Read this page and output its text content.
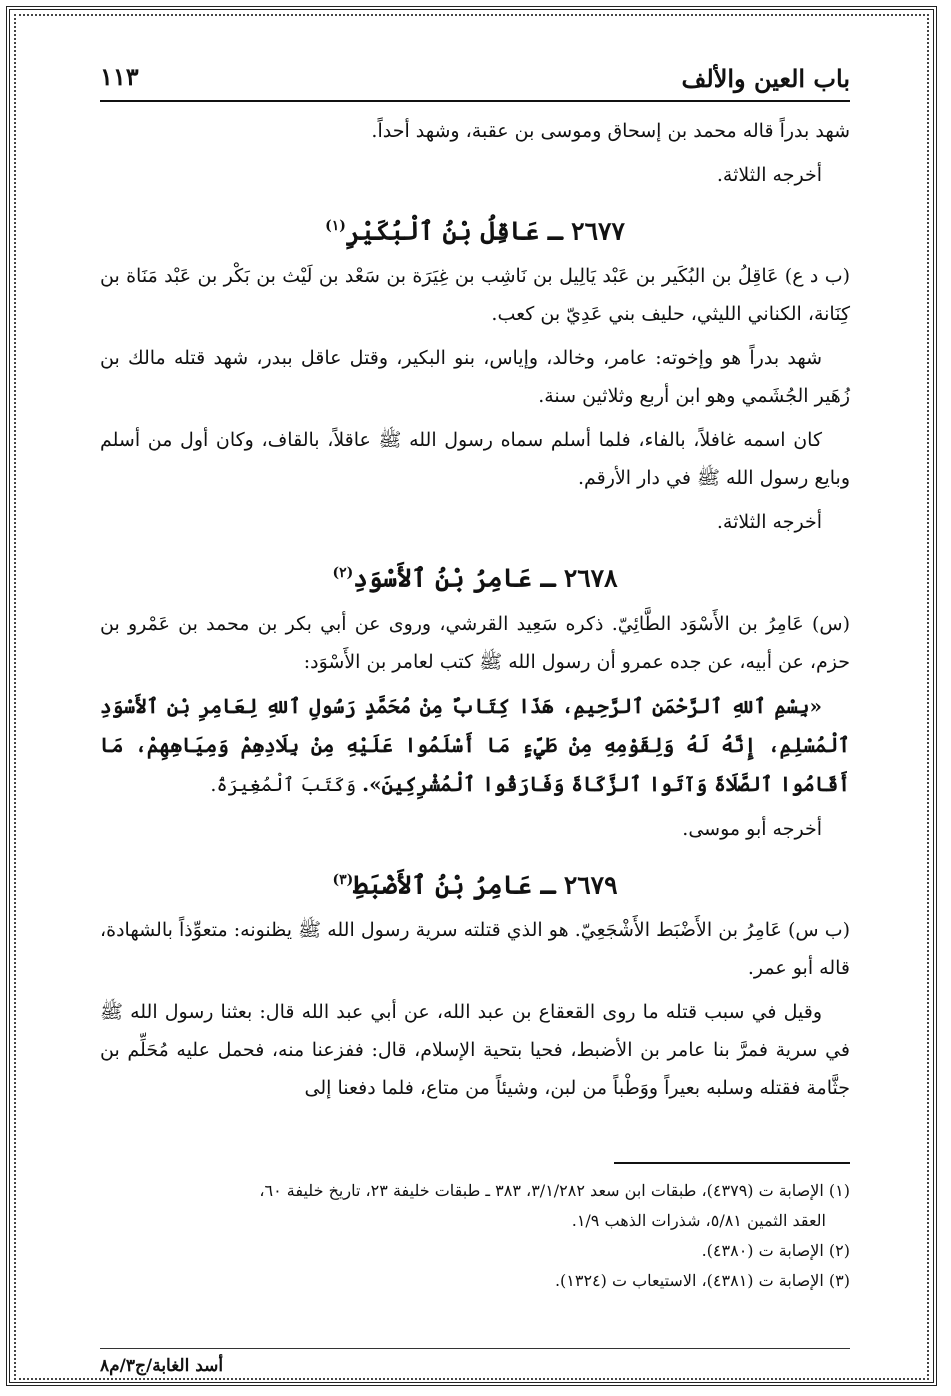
باب العين والألف
١١٣

شهد بدراً قاله محمد بن إسحاق وموسى بن عقبة، وشهد أحداً.

أخرجه الثلاثة.

٢٦٧٧ ـ عَاقِلُ بْنُ ٱلْبُكَيْرِ$^{(١)}$

(ب د ع) عَاقِلُ بن البُكَير بن عَبْد يَالِيل بن نَاشِب بن غِيَرَة بن سَعْد بن لَيْث بن بَكْر بن عَبْد مَنَاة بن كِنَانة، الكناني الليثي، حليف بني عَدِيّ بن كعب.

شهد بدراً هو وإخوته: عامر، وخالد، وإياس، بنو البكير، وقتل عاقل ببدر، شهد قتله مالك بن زُهَير الجُشَمي وهو ابن أربع وثلاثين سنة.

كان اسمه غافلاً، بالفاء، فلما أسلم سماه رسول الله ﷺ عاقلاً، بالقاف، وكان أول من أسلم وبايع رسول الله ﷺ في دار الأرقم.

أخرجه الثلاثة.

٢٦٧٨ ـ عَامِرُ بْنُ ٱلأَسْوَدِ$^{(٢)}$

(س) عَامِرُ بن الأَسْوَد الطَّائِيّ. ذكره سَعِيد القرشي، وروى عن أبي بكر بن محمد بن عَمْرو بن حزم، عن أبيه، عن جده عمرو أن رسول الله ﷺ كتب لعامر بن الأَسْوَد:

«بِسْمِ ٱللهِ ٱلرَّحْمَنِ ٱلرَّحِيمِ، هَذَا كِتَابٌ مِنْ مُحَمَّدٍ رَسُولِ ٱللهِ لِعَامِرِ بْنِ ٱلأَسْوَدِ ٱلْمُسْلِمِ، إِنَّهُ لَهُ وَلِقَوْمِهِ مِنْ طَيِّءٍ مَا أَسْلَمُوا عَلَيْهِ مِنْ بِلَادِهِمْ وَمِيَاهِهِمْ، مَا أَقَامُوا ٱلصَّلَاةَ وَآتَوا ٱلزَّكَاةَ وَفَارَقُوا ٱلْمُشْرِكِينَ». وَكَتَبَ ٱلْمُغِيرَةُ.

أخرجه أبو موسى.

٢٦٧٩ ـ عَامِرُ بْنُ ٱلأَضْبَطِ$^{(٣)}$

(ب س) عَامِرُ بن الأَضْبَط الأَشْجَعِيّ. هو الذي قتلته سرية رسول الله ﷺ يظنونه: متعوِّذاً بالشهادة، قاله أبو عمر.

وقيل في سبب قتله ما روى القعقاع بن عبد الله، عن أبي عبد الله قال: بعثنا رسول الله ﷺ في سرية فمرَّ بنا عامر بن الأضبط، فحيا بتحية الإسلام، قال: ففزعنا منه، فحمل عليه مُحَلِّم بن جثَّامة فقتله وسلبه بعيراً ووَطْباً من لبن، وشيئاً من متاع، فلما دفعنا إلى

(١) الإصابة ت (٤٣٧٩)، طبقات ابن سعد ٣/١/٢٨٢، ٣٨٣ ـ طبقات خليفة ٢٣، تاريخ خليفة ٦٠،
العقد الثمين ٥/٨١، شذرات الذهب ١/٩.
(٢) الإصابة ت (٤٣٨٠).
(٣) الإصابة ت (٤٣٨١)، الاستيعاب ت (١٣٢٤).
أسد الغابة/ج٣/م٨
